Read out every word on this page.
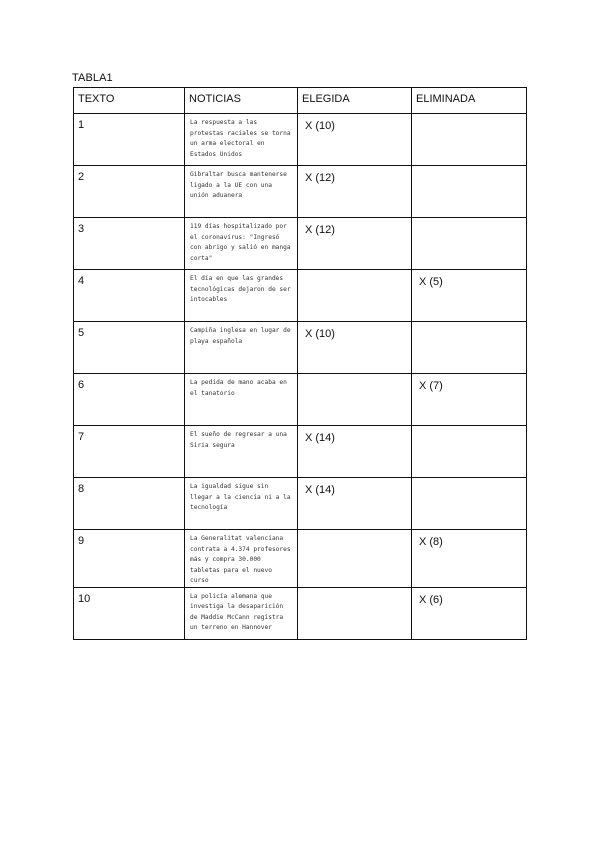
TABLA1
TEXTO	NOTICIAS	ELEGIDA	ELIMINADA
1	La respuesta a las protestas raciales se torna un arma electoral en Estados Unidos	X (10)	
2	Gibraltar busca mantenerse ligado a la UE con una unión aduanera	X (12)	
3	119 días hospitalizado por el coronavirus: "Ingresó con abrigo y salió en manga corta"	X (12)	
4	El día en que las grandes tecnológicas dejaron de ser intocables		X (5)
5	Campiña inglesa en lugar de playa española	X (10)	
6	La pedida de mano acaba en el tanatorio		X (7)
7	El sueño de regresar a una Siria segura	X (14)	
8	La igualdad sigue sin llegar a la ciencia ni a la tecnología	X (14)	
9	La Generalitat valenciana contrata a 4.374 profesores más y compra 30.000 tabletas para el nuevo curso		X (8)
10	La policía alemana que investiga la desaparición de Maddie McCann registra un terreno en Hannover		X (6)
